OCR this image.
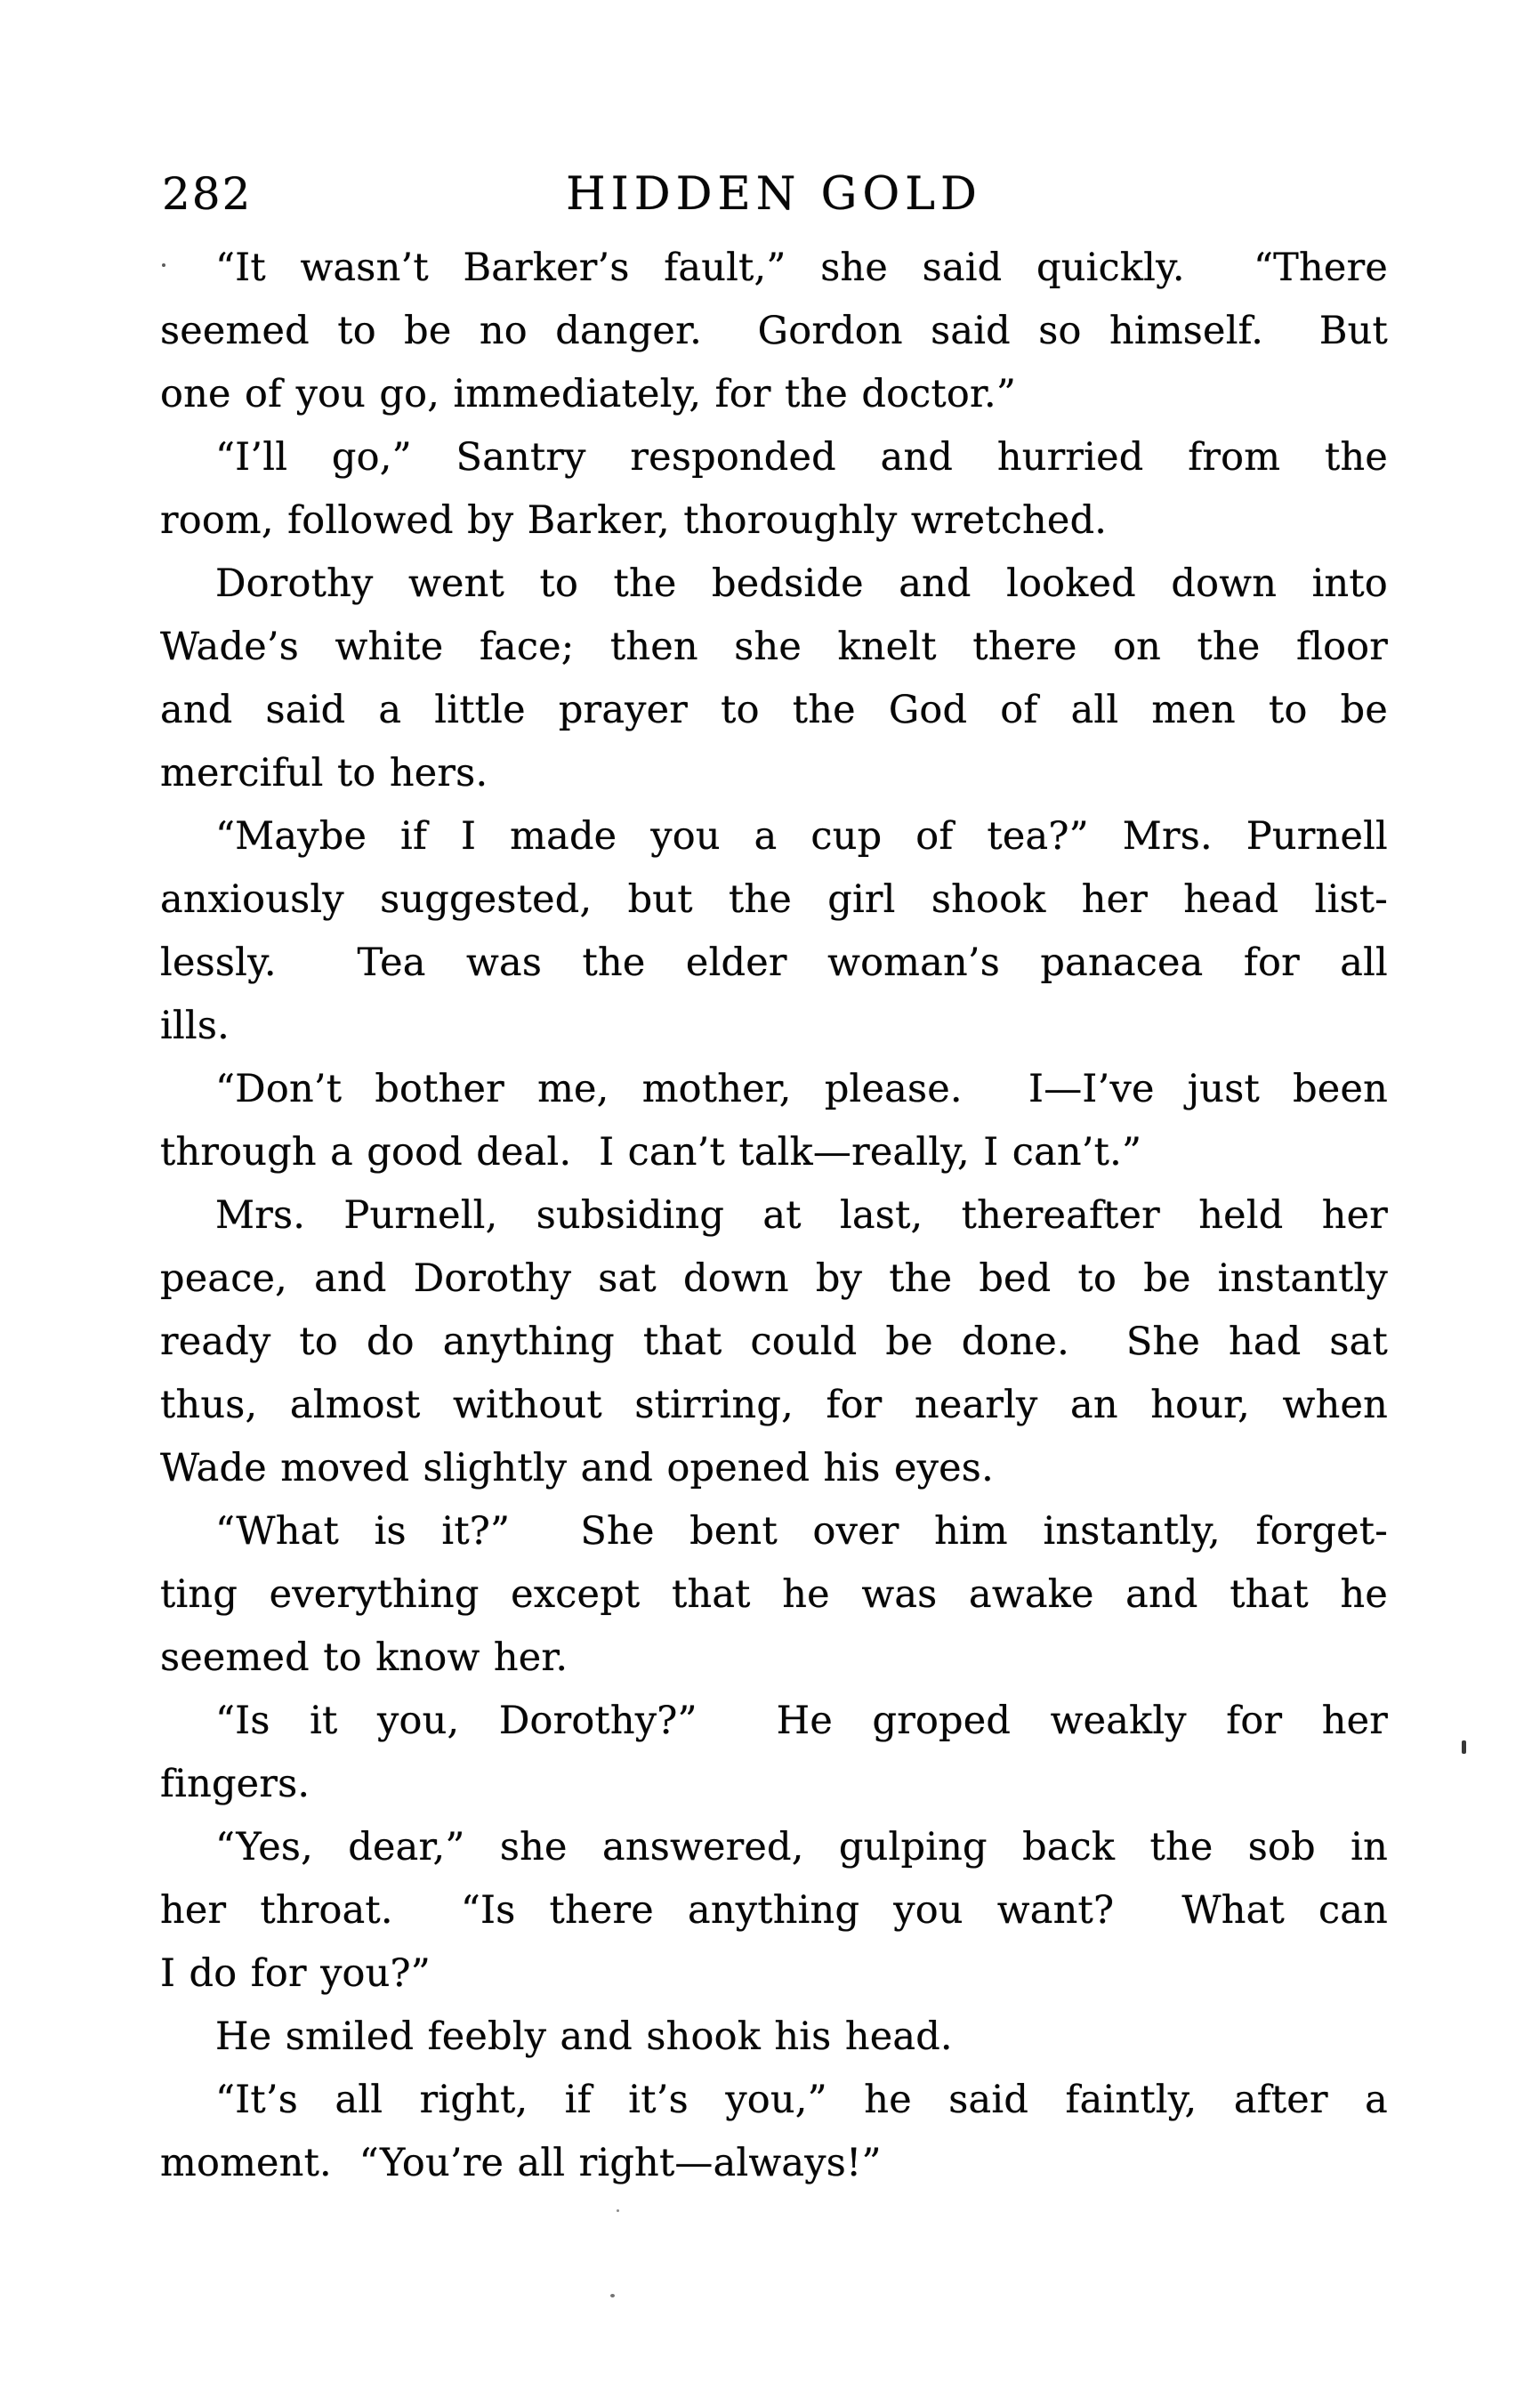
282	HIDDEN GOLD
“It wasn’t Barker’s fault,” she said quickly.  “There
seemed to be no danger.  Gordon said so himself.  But
one of you go, immediately, for the doctor.”
“I’ll go,” Santry responded and hurried from the
room, followed by Barker, thoroughly wretched.
Dorothy went to the bedside and looked down into
Wade’s white face; then she knelt there on the floor
and said a little prayer to the God of all men to be
merciful to hers.
“Maybe if I made you a cup of tea?” Mrs. Purnell
anxiously suggested, but the girl shook her head list-
lessly.  Tea was the elder woman’s panacea for all
ills.
“Don’t bother me, mother, please.  I—I’ve just been
through a good deal.  I can’t talk—really, I can’t.”
Mrs. Purnell, subsiding at last, thereafter held her
peace, and Dorothy sat down by the bed to be instantly
ready to do anything that could be done.  She had sat
thus, almost without stirring, for nearly an hour, when
Wade moved slightly and opened his eyes.
“What is it?”  She bent over him instantly, forget-
ting everything except that he was awake and that he
seemed to know her.
“Is it you, Dorothy?”  He groped weakly for her
fingers.
“Yes, dear,” she answered, gulping back the sob in
her throat.  “Is there anything you want?  What can
I do for you?”
He smiled feebly and shook his head.
“It’s all right, if it’s you,” he said faintly, after a
moment.  “You’re all right—always!”
